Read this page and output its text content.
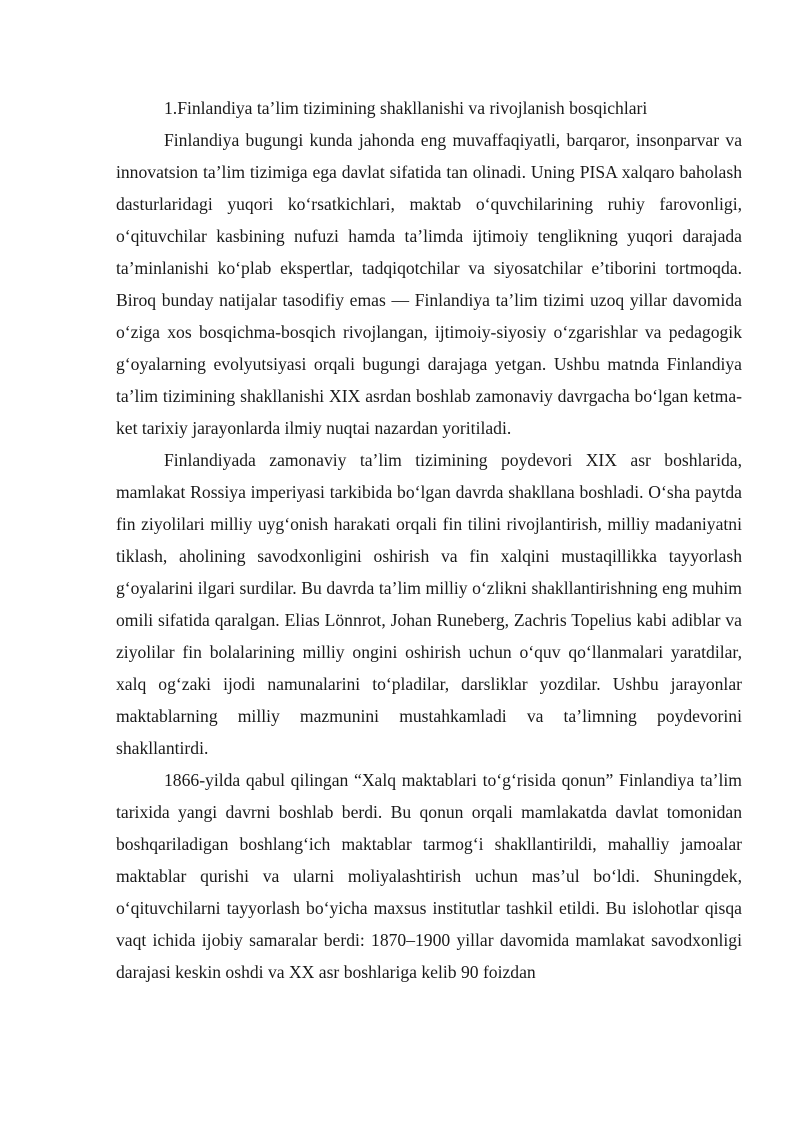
1.Finlandiya ta’lim tizimining shakllanishi va rivojlanish bosqichlari

Finlandiya bugungi kunda jahonda eng muvaffaqiyatli, barqaror, insonparvar va innovatsion ta’lim tizimiga ega davlat sifatida tan olinadi. Uning PISA xalqaro baholash dasturlaridagi yuqori ko‘rsatkichlari, maktab o‘quvchilarining ruhiy farovonligi, o‘qituvchilar kasbining nufuzi hamda ta’limda ijtimoiy tenglikning yuqori darajada ta’minlanishi ko‘plab ekspertlar, tadqiqotchilar va siyosatchilar e’tiborini tortmoqda. Biroq bunday natijalar tasodifiy emas — Finlandiya ta’lim tizimi uzoq yillar davomida o‘ziga xos bosqichma-bosqich rivojlangan, ijtimoiy-siyosiy o‘zgarishlar va pedagogik g‘oyalarning evolyutsiyasi orqali bugungi darajaga yetgan. Ushbu matnda Finlandiya ta’lim tizimining shakllanishi XIX asrdan boshlab zamonaviy davrgacha bo‘lgan ketma-ket tarixiy jarayonlarda ilmiy nuqtai nazardan yoritiladi.

Finlandiyada zamonaviy ta’lim tizimining poydevori XIX asr boshlarida, mamlakat Rossiya imperiyasi tarkibida bo‘lgan davrda shakllana boshladi. O‘sha paytda fin ziyolilari milliy uyg‘onish harakati orqali fin tilini rivojlantirish, milliy madaniyatni tiklash, aholining savodxonligini oshirish va fin xalqini mustaqillikka tayyorlash g‘oyalarini ilgari surdilar. Bu davrda ta’lim milliy o‘zlikni shakllantirishning eng muhim omili sifatida qaralgan. Elias Lönnrot, Johan Runeberg, Zachris Topelius kabi adiblar va ziyolilar fin bolalarining milliy ongini oshirish uchun o‘quv qo‘llanmalari yaratdilar, xalq og‘zaki ijodi namunalarini to‘pladilar, darsliklar yozdilar. Ushbu jarayonlar maktablarning milliy mazmunini mustahkamladi va ta’limning poydevorini shakllantirdi.

1866-yilda qabul qilingan “Xalq maktablari to‘g‘risida qonun” Finlandiya ta’lim tarixida yangi davrni boshlab berdi. Bu qonun orqali mamlakatda davlat tomonidan boshqariladigan boshlang‘ich maktablar tarmog‘i shakllantirildi, mahalliy jamoalar maktablar qurishi va ularni moliyalashtirish uchun mas’ul bo‘ldi. Shuningdek, o‘qituvchilarni tayyorlash bo‘yicha maxsus institutlar tashkil etildi. Bu islohotlar qisqa vaqt ichida ijobiy samaralar berdi: 1870–1900 yillar davomida mamlakat savodxonligi darajasi keskin oshdi va XX asr boshlariga kelib 90 foizdan
